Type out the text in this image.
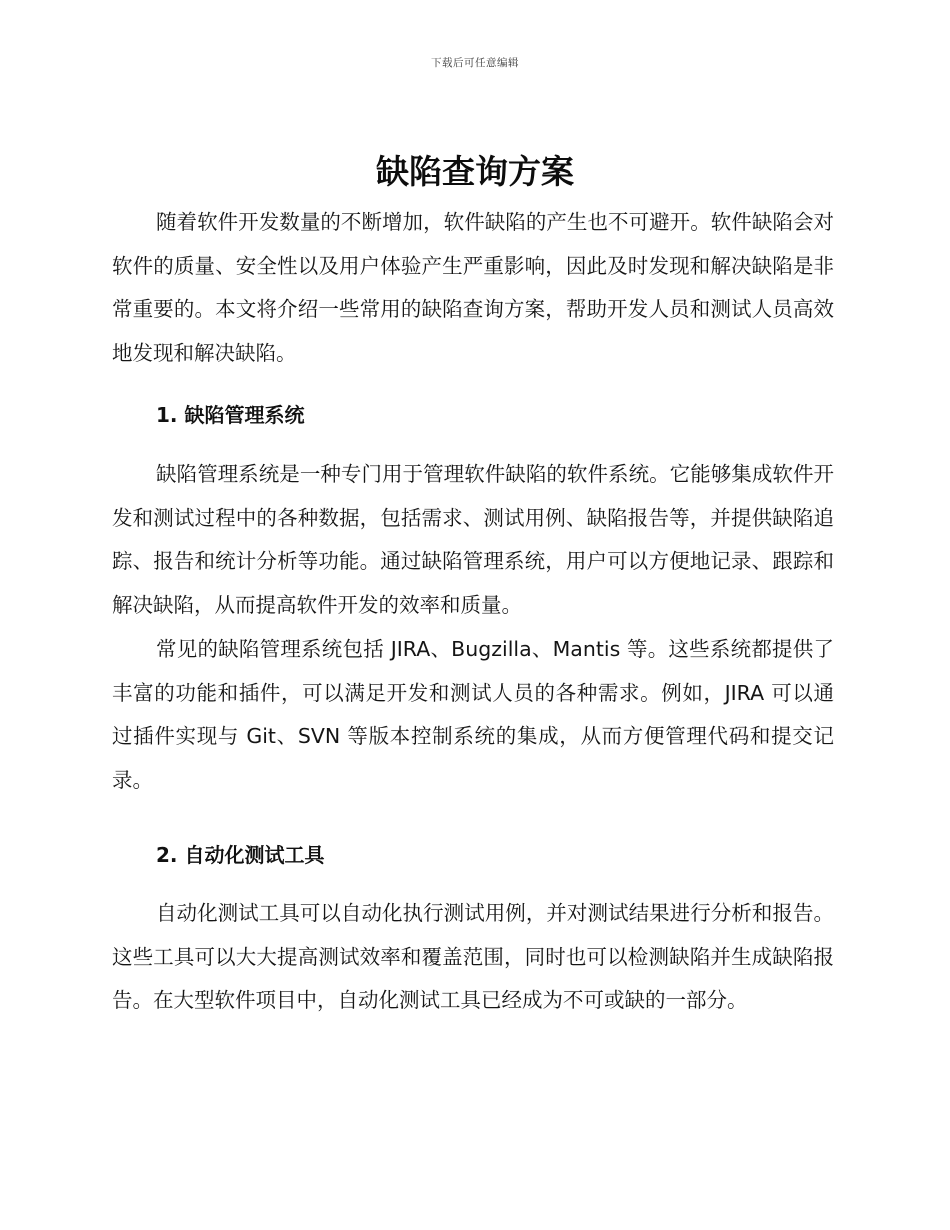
下载后可任意编辑
缺陷查询方案

随着软件开发数量的不断增加，软件缺陷的产生也不可避开。软件缺陷会对软件的质量、安全性以及用户体验产生严重影响，因此及时发现和解决缺陷是非常重要的。本文将介绍一些常用的缺陷查询方案，帮助开发人员和测试人员高效地发现和解决缺陷。

1. 缺陷管理系统

缺陷管理系统是一种专门用于管理软件缺陷的软件系统。它能够集成软件开发和测试过程中的各种数据，包括需求、测试用例、缺陷报告等，并提供缺陷追踪、报告和统计分析等功能。通过缺陷管理系统，用户可以方便地记录、跟踪和解决缺陷，从而提高软件开发的效率和质量。

常见的缺陷管理系统包括 JIRA、Bugzilla、Mantis 等。这些系统都提供了丰富的功能和插件，可以满足开发和测试人员的各种需求。例如，JIRA 可以通过插件实现与 Git、SVN 等版本控制系统的集成，从而方便管理代码和提交记录。

2. 自动化测试工具

自动化测试工具可以自动化执行测试用例，并对测试结果进行分析和报告。这些工具可以大大提高测试效率和覆盖范围，同时也可以检测缺陷并生成缺陷报告。在大型软件项目中，自动化测试工具已经成为不可或缺的一部分。
